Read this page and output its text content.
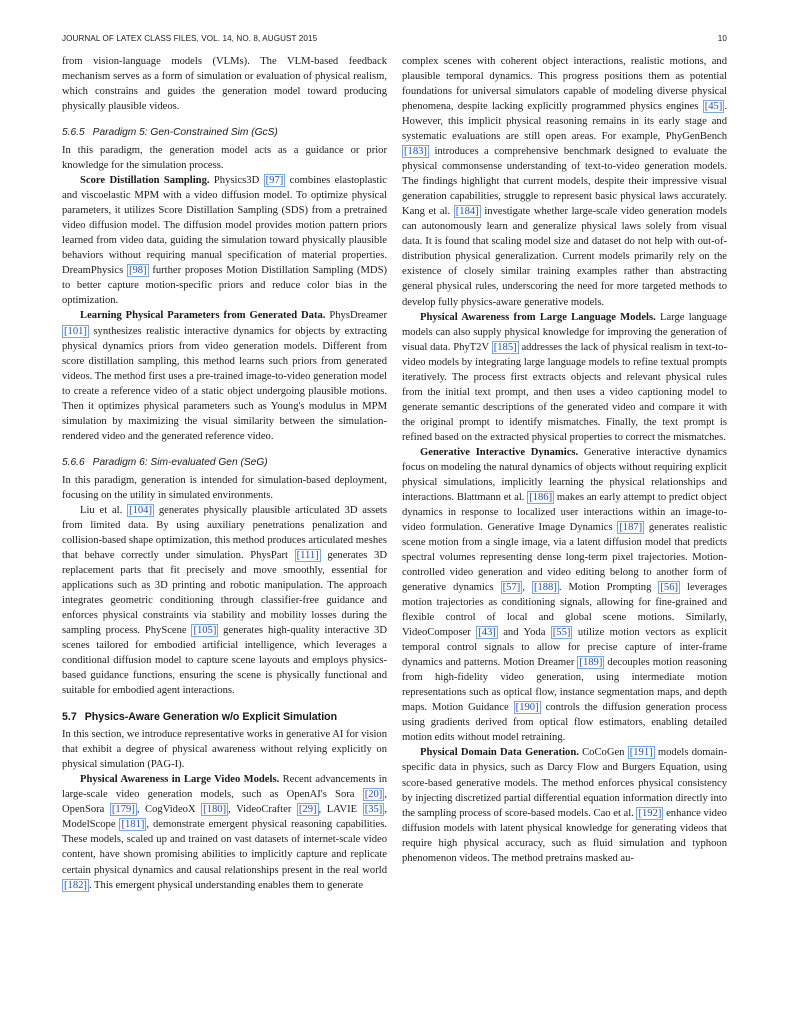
JOURNAL OF LATEX CLASS FILES, VOL. 14, NO. 8, AUGUST 2015	10

from vision-language models (VLMs). The VLM-based feedback mechanism serves as a form of simulation or evaluation of physical realism, which constrains and guides the generation model toward producing physically plausible videos.

5.6.5 Paradigm 5: Gen-Constrained Sim (GcS)

In this paradigm, the generation model acts as a guidance or prior knowledge for the simulation process.

Score Distillation Sampling. Physics3D [97] combines elastoplastic and viscoelastic MPM with a video diffusion model. To optimize physical parameters, it utilizes Score Distillation Sampling (SDS) from a pretrained video diffusion model. The diffusion model provides motion pattern priors learned from video data, guiding the simulation toward physically plausible behaviors without requiring manual specification of material properties. DreamPhysics [98] further proposes Motion Distillation Sampling (MDS) to better capture motion-specific priors and reduce color bias in the optimization.

Learning Physical Parameters from Generated Data. PhysDreamer [101] synthesizes realistic interactive dynamics for objects by extracting physical dynamics priors from video generation models. Different from score distillation sampling, this method learns such priors from generated videos. The method first uses a pre-trained image-to-video generation model to create a reference video of a static object undergoing plausible motions. Then it optimizes physical parameters such as Young's modulus in MPM simulation by maximizing the visual similarity between the simulation-rendered video and the generated reference video.

5.6.6 Paradigm 6: Sim-evaluated Gen (SeG)

In this paradigm, generation is intended for simulation-based deployment, focusing on the utility in simulated environments.

Liu et al. [104] generates physically plausible articulated 3D assets from limited data. By using auxiliary penetrations penalization and collision-based shape optimization, this method produces articulated meshes that behave correctly under simulation. PhysPart [111] generates 3D replacement parts that fit precisely and move smoothly, essential for applications such as 3D printing and robotic manipulation. The approach integrates geometric conditioning through classifier-free guidance and enforces physical constraints via stability and mobility losses during the sampling process. PhyScene [105] generates high-quality interactive 3D scenes tailored for embodied artificial intelligence, which leverages a conditional diffusion model to capture scene layouts and employs physics-based guidance functions, ensuring the scene is physically functional and suitable for embodied agent interactions.

5.7 Physics-Aware Generation w/o Explicit Simulation

In this section, we introduce representative works in generative AI for vision that exhibit a degree of physical awareness without relying explicitly on physical simulation (PAG-I).

Physical Awareness in Large Video Models. Recent advancements in large-scale video generation models, such as OpenAI's Sora [20] , OpenSora [179] , CogVideoX [180] , VideoCrafter [29] , LAVIE [35] , ModelScope [181] , demonstrate emergent physical reasoning capabilities. These models, scaled up and trained on vast datasets of internet-scale video content, have shown promising abilities to implicitly capture and replicate certain physical dynamics and causal relationships present in the real world [182] . This emergent physical understanding enables them to generate

complex scenes with coherent object interactions, realistic motions, and plausible temporal dynamics. This progress positions them as potential foundations for universal simulators capable of modeling diverse physical phenomena, despite lacking explicitly programmed physics engines [45] . However, this implicit physical reasoning remains in its early stage and systematic evaluations are still open areas. For example, PhyGenBench [183] introduces a comprehensive benchmark designed to evaluate the physical commonsense understanding of text-to-video generation models. The findings highlight that current models, despite their impressive visual generation capabilities, struggle to represent basic physical laws accurately. Kang et al. [184] investigate whether large-scale video generation models can autonomously learn and generalize physical laws solely from visual data. It is found that scaling model size and dataset do not help with out-of-distribution physical generalization. Current models primarily rely on the existence of closely similar training examples rather than abstracting general physical rules, underscoring the need for more targeted methods to develop fully physics-aware generative models.

Physical Awareness from Large Language Models. Large language models can also supply physical knowledge for improving the generation of visual data. PhyT2V [185] addresses the lack of physical realism in text-to-video models by integrating large language models to refine textual prompts iteratively. The process first extracts objects and relevant physical rules from the initial text prompt, and then uses a video captioning model to generate semantic descriptions of the generated video and compare it with the original prompt to identify mismatches. Finally, the text prompt is refined based on the extracted physical properties to correct the mismatches.

Generative Interactive Dynamics. Generative interactive dynamics focus on modeling the natural dynamics of objects without requiring explicit physical simulations, implicitly learning the physical relationships and interactions. Blattmann et al. [186] makes an early attempt to predict object dynamics in response to localized user interactions within an image-to-video formulation. Generative Image Dynamics [187] generates realistic scene motion from a single image, via a latent diffusion model that predicts spectral volumes representing dense long-term pixel trajectories. Motion-controlled video generation and video editing belong to another form of generative dynamics [57] , [188] . Motion Prompting [56] leverages motion trajectories as conditioning signals, allowing for fine-grained and flexible control of local and global scene motions. Similarly, VideoComposer [43] and Yoda [55] utilize motion vectors as explicit temporal control signals to allow for precise capture of inter-frame dynamics and patterns. Motion Dreamer [189] decouples motion reasoning from high-fidelity video generation, using intermediate motion representations such as optical flow, instance segmentation maps, and depth maps. Motion Guidance [190] controls the diffusion generation process using gradients derived from optical flow estimators, enabling detailed motion edits without model retraining.

Physical Domain Data Generation. CoCoGen [191] models domain-specific data in physics, such as Darcy Flow and Burgers Equation, using score-based generative models. The method enforces physical consistency by injecting discretized partial differential equation information directly into the sampling process of score-based models. Cao et al. [192] enhance video diffusion models with latent physical knowledge for generating videos that require high physical accuracy, such as fluid simulation and typhoon phenomenon videos. The method pretrains masked au-
